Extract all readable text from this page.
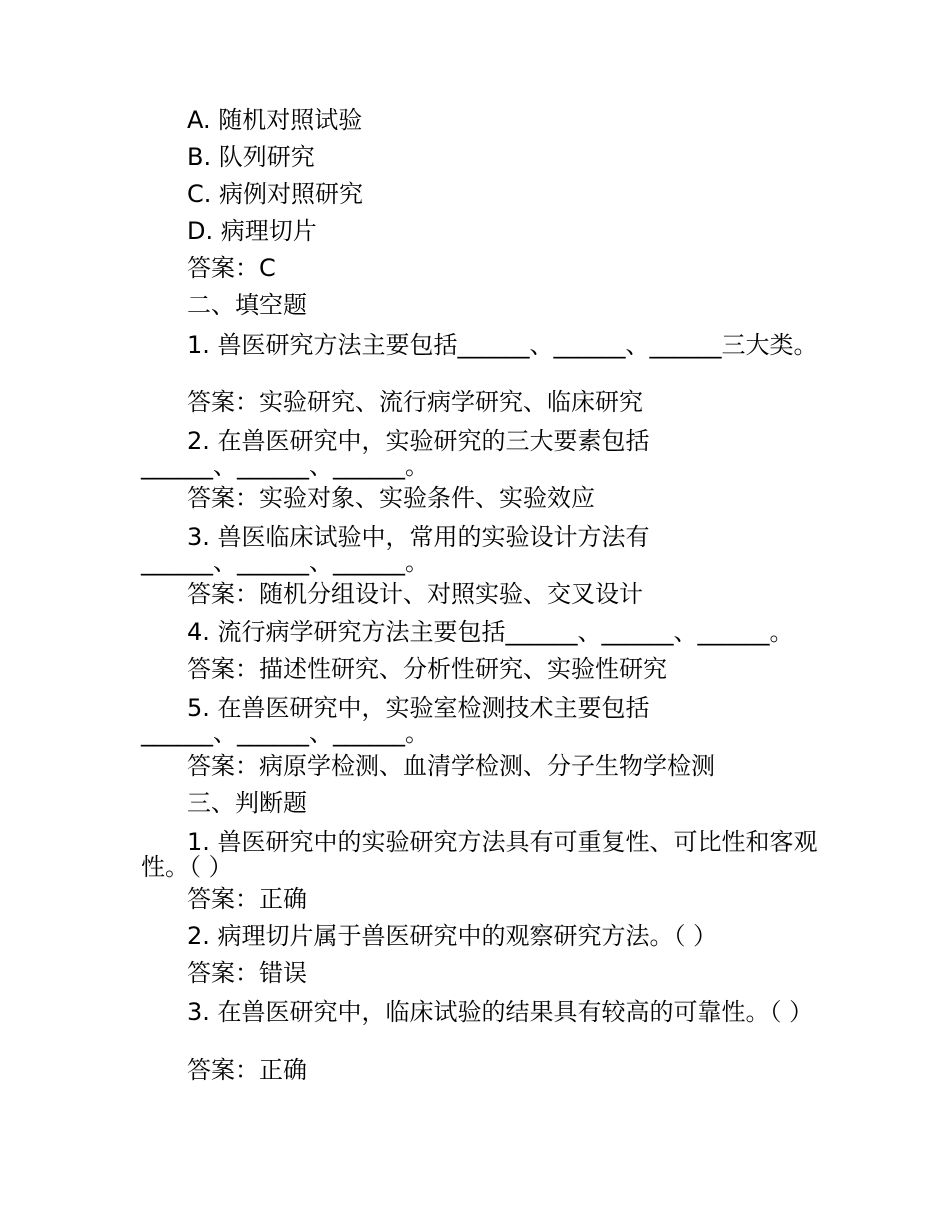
A. 随机对照试验

B. 队列研究

C. 病例对照研究

D. 病理切片

答案：C

二、填空题

1. 兽医研究方法主要包括______、______、______三大类。

答案：实验研究、流行病学研究、临床研究

2. 在兽医研究中，实验研究的三大要素包括
______、______、______。

答案：实验对象、实验条件、实验效应

3. 兽医临床试验中，常用的实验设计方法有
______、______、______。

答案：随机分组设计、对照实验、交叉设计

4. 流行病学研究方法主要包括______、______、______。

答案：描述性研究、分析性研究、实验性研究

5. 在兽医研究中，实验室检测技术主要包括
______、______、______。

答案：病原学检测、血清学检测、分子生物学检测

三、判断题

1. 兽医研究中的实验研究方法具有可重复性、可比性和客观性。（ ）

答案：正确

2. 病理切片属于兽医研究中的观察研究方法。（ ）

答案：错误

3. 在兽医研究中，临床试验的结果具有较高的可靠性。（ ）

答案：正确
